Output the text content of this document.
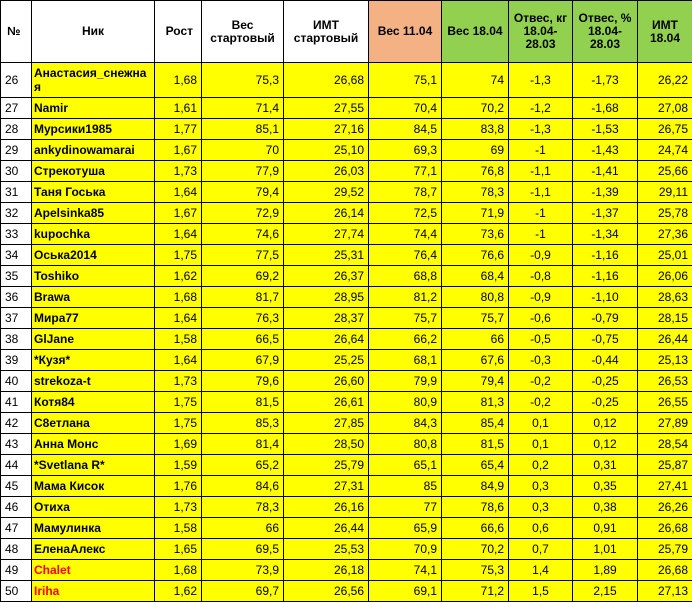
№	Ник	Рост	Вес стартовый	ИМТ стартовый	Вес 11.04	Вес 18.04	Отвес, кг 18.04-28.03	Отвес, % 18.04-28.03	ИМТ 18.04
26	Анастасия_снежная	1,68	75,3	26,68	75,1	74	-1,3	-1,73	26,22
27	Namir	1,61	71,4	27,55	70,4	70,2	-1,2	-1,68	27,08
28	Мурсики1985	1,77	85,1	27,16	84,5	83,8	-1,3	-1,53	26,75
29	ankydinowamarai	1,67	70	25,10	69,3	69	-1	-1,43	24,74
30	Стрекотуша	1,73	77,9	26,03	77,1	76,8	-1,1	-1,41	25,66
31	Таня Госька	1,64	79,4	29,52	78,7	78,3	-1,1	-1,39	29,11
32	Apelsinka85	1,67	72,9	26,14	72,5	71,9	-1	-1,37	25,78
33	kupochka	1,64	74,6	27,74	74,4	73,6	-1	-1,34	27,36
34	Оська2014	1,75	77,5	25,31	76,4	76,6	-0,9	-1,16	25,01
35	Toshiko	1,62	69,2	26,37	68,8	68,4	-0,8	-1,16	26,06
36	Brawa	1,68	81,7	28,95	81,2	80,8	-0,9	-1,10	28,63
37	Мира77	1,64	76,3	28,37	75,7	75,7	-0,6	-0,79	28,15
38	GlJane	1,58	66,5	26,64	66,2	66	-0,5	-0,75	26,44
39	*Кузя*	1,64	67,9	25,25	68,1	67,6	-0,3	-0,44	25,13
40	strekoza-t	1,73	79,6	26,60	79,9	79,4	-0,2	-0,25	26,53
41	Котя84	1,75	81,5	26,61	80,9	81,3	-0,2	-0,25	26,55
42	С8етлана	1,75	85,3	27,85	84,3	85,4	0,1	0,12	27,89
43	Анна Монс	1,69	81,4	28,50	80,8	81,5	0,1	0,12	28,54
44	*Svetlana R*	1,59	65,2	25,79	65,1	65,4	0,2	0,31	25,87
45	Мама Кисок	1,76	84,6	27,31	85	84,9	0,3	0,35	27,41
46	Отиха	1,73	78,3	26,16	77	78,6	0,3	0,38	26,26
47	Мамулинка	1,58	66	26,44	65,9	66,6	0,6	0,91	26,68
48	ЕленаАлекс	1,65	69,5	25,53	70,9	70,2	0,7	1,01	25,79
49	Chalet	1,68	73,9	26,18	74,1	75,3	1,4	1,89	26,68
50	Iriha	1,62	69,7	26,56	69,1	71,2	1,5	2,15	27,13
